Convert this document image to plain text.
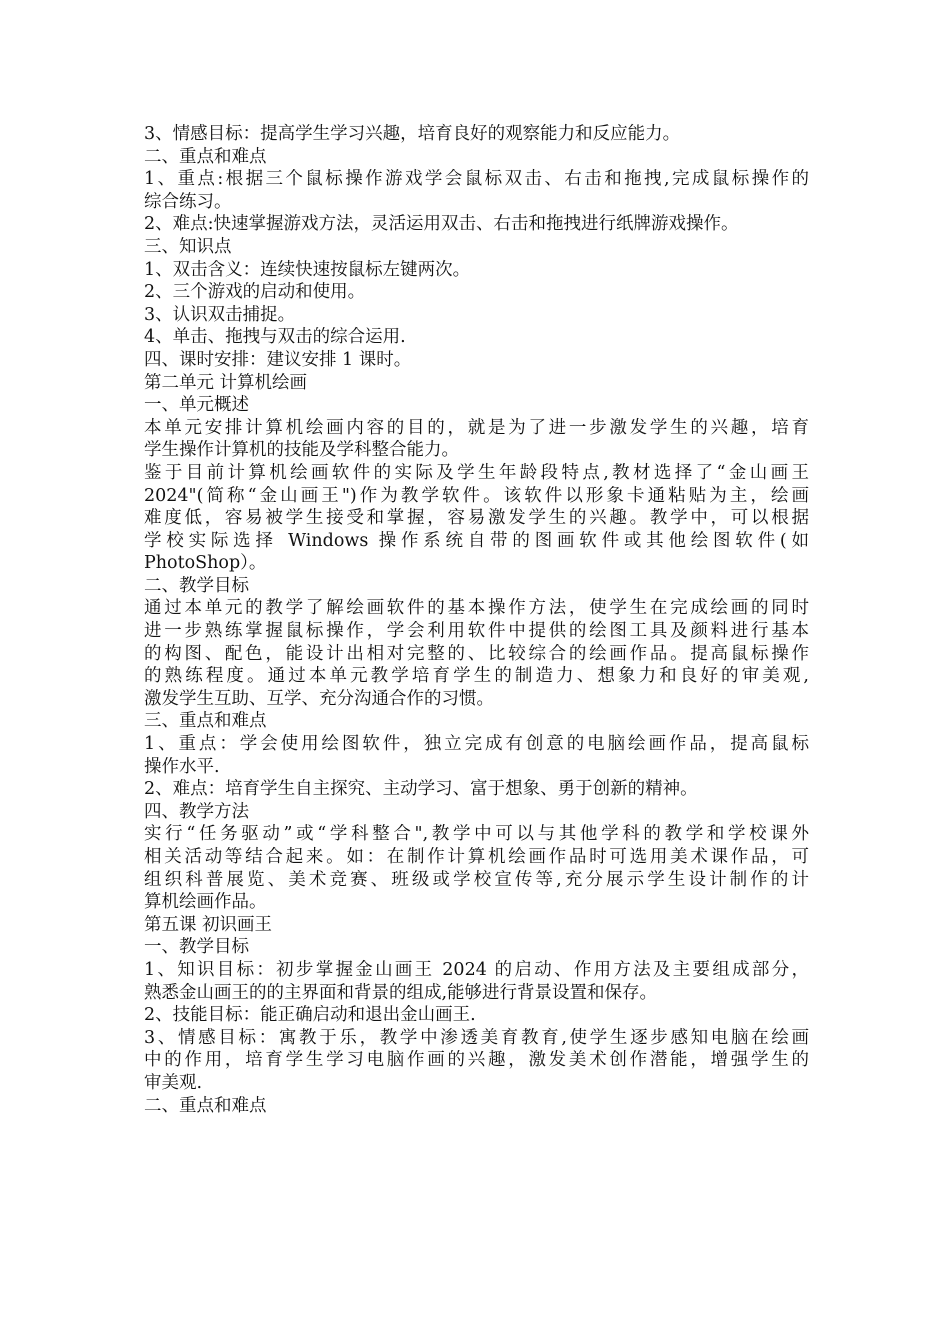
3、情感目标：提高学生学习兴趣，培育良好的观察能力和反应能力。
二、重点和难点
1、重点:根据三个鼠标操作游戏学会鼠标双击、右击和拖拽,完成鼠标操作的
综合练习。
2、难点:快速掌握游戏方法，灵活运用双击、右击和拖拽进行纸牌游戏操作。
三、知识点
1、双击含义：连续快速按鼠标左键两次。
2、三个游戏的启动和使用。
3、认识双击捕捉。
4、单击、拖拽与双击的综合运用.
四、课时安排：建议安排 1 课时。
第二单元 计算机绘画
一、单元概述
本单元安排计算机绘画内容的目的，就是为了进一步激发学生的兴趣，培育
学生操作计算机的技能及学科整合能力。
鉴于目前计算机绘画软件的实际及学生年龄段特点,教材选择了“金山画王
2024"(简称“金山画王")作为教学软件。该软件以形象卡通粘贴为主，绘画
难度低，容易被学生接受和掌握，容易激发学生的兴趣。教学中，可以根据
学校实际选择 Windows 操作系统自带的图画软件或其他绘图软件(如
PhotoShop）。
二、教学目标
通过本单元的教学了解绘画软件的基本操作方法，使学生在完成绘画的同时
进一步熟练掌握鼠标操作，学会利用软件中提供的绘图工具及颜料进行基本
的构图、配色，能设计出相对完整的、比较综合的绘画作品。提高鼠标操作
的熟练程度。通过本单元教学培育学生的制造力、想象力和良好的审美观,
激发学生互助、互学、充分沟通合作的习惯。
三、重点和难点
1、重点：学会使用绘图软件，独立完成有创意的电脑绘画作品，提高鼠标
操作水平.
2、难点：培育学生自主探究、主动学习、富于想象、勇于创新的精神。
四、教学方法
实行“任务驱动”或“学科整合",教学中可以与其他学科的教学和学校课外
相关活动等结合起来。如：在制作计算机绘画作品时可选用美术课作品，可
组织科普展览、美术竞赛、班级或学校宣传等,充分展示学生设计制作的计
算机绘画作品。
第五课 初识画王
一、教学目标
1、知识目标：初步掌握金山画王 2024 的启动、作用方法及主要组成部分，
熟悉金山画王的的主界面和背景的组成,能够进行背景设置和保存。
2、技能目标：能正确启动和退出金山画王.
3、情感目标：寓教于乐，教学中渗透美育教育,使学生逐步感知电脑在绘画
中的作用，培育学生学习电脑作画的兴趣，激发美术创作潜能，增强学生的
审美观.
二、重点和难点
